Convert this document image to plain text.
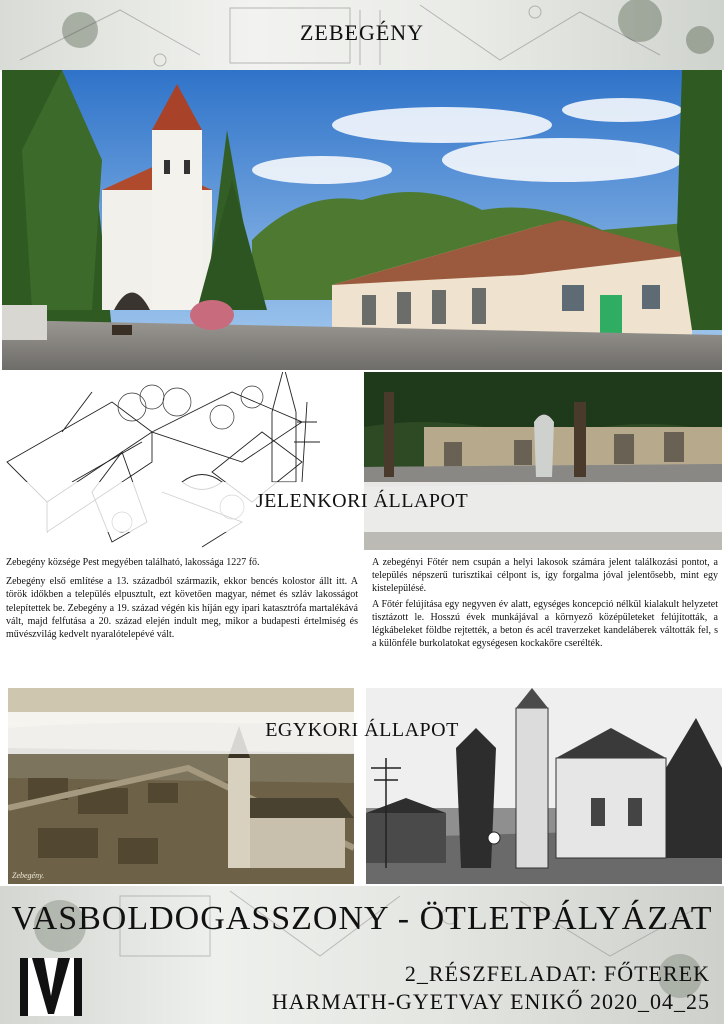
ZEBEGÉNY
JELENKORI ÁLLAPOT

Zebegény községe Pest megyében található, lakossága 1227 fő.

Zebegény első említése a 13. századból származik, ekkor bencés kolostor állt itt. A török időkben a település elpusztult, ezt követően magyar, német és szláv lakosságot telepítettek be. Zebegény a 19. század végén kis híján egy ipari katasztrófa martalékává vált, majd felfutása a 20. század elején indult meg, mikor a budapesti értelmiség és művészvilág kedvelt nyaralótelepévé vált.

A zebegényi Főtér nem csupán a helyi lakosok számára jelent találkozási pontot, a település népszerű turisztikai célpont is, így forgalma jóval jelentősebb, mint egy kistelepülésé.

A Főtér felújítása egy negyven év alatt, egységes koncepció nélkül kialakult helyzetet tisztázott le. Hosszú évek munkájával a környező középületeket felújították, a légkábeleket földbe rejtették, a beton és acél traverzeket kandeláberek váltották fel, s a különféle burkolatokat egységesen kockakőre cserélték.

Zebegény.
EGYKORI ÁLLAPOT
VASBOLDOGASSZONY - ÖTLETPÁLYÁZAT
2_RÉSZFELADAT: FŐTEREK
HARMATH-GYETVAY ENIKŐ 2020_04_25
